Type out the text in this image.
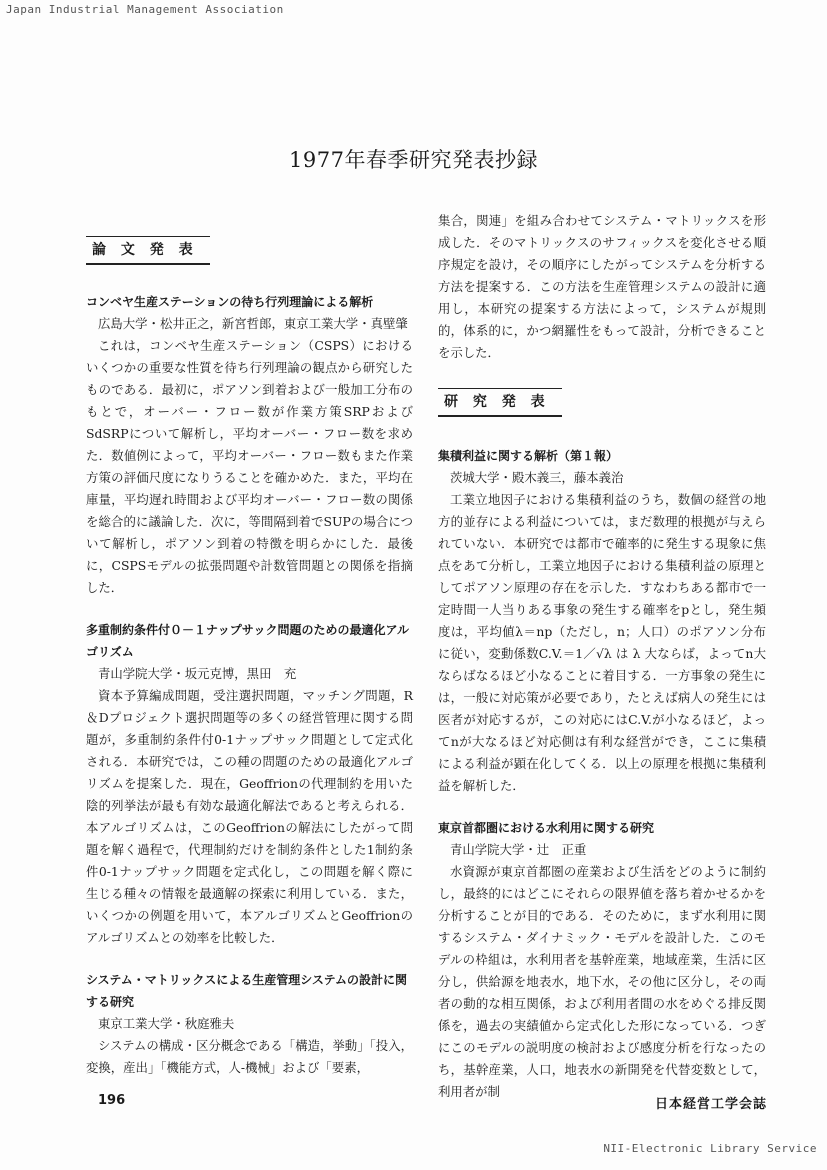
Japan Industrial Management Association
1977年春季研究発表抄録
論 文 発 表
コンベヤ生産ステーションの待ち行列理論による解析
広島大学・松井正之，新宮哲郎，東京工業大学・真壁肇
これは，コンベヤ生産ステーション（CSPS）におけるいくつかの重要な性質を待ち行列理論の観点から研究したものである．最初に，ポアソン到着および一般加工分布のもとで，オーバー・フロー数が作業方策SRPおよびSdSRPについて解析し，平均オーバー・フロー数を求めた．数値例によって，平均オーバー・フロー数もまた作業方策の評価尺度になりうることを確かめた．また，平均在庫量，平均遅れ時間および平均オーバー・フロー数の関係を総合的に議論した．次に，等間隔到着でSUPの場合について解析し，ポアソン到着の特徴を明らかにした．最後に，CSPSモデルの拡張問題や計数管問題との関係を指摘した．
多重制約条件付０－１ナップサック問題のための最適化アルゴリズム
青山学院大学・坂元克博，黒田　充
資本予算編成問題，受注選択問題，マッチング問題，R＆Dプロジェクト選択問題等の多くの経営管理に関する問題が，多重制約条件付0-1ナップサック問題として定式化される．本研究では，この種の問題のための最適化アルゴリズムを提案した．現在，Geoffrionの代理制約を用いた陰的列挙法が最も有効な最適化解法であると考えられる．本アルゴリズムは，このGeoffrionの解法にしたがって問題を解く過程で，代理制約だけを制約条件とした1制約条件0-1ナップサック問題を定式化し，この問題を解く際に生じる種々の情報を最適解の探索に利用している．また，いくつかの例題を用いて，本アルゴリズムとGeoffrionのアルゴリズムとの効率を比較した．
システム・マトリックスによる生産管理システムの設計に関する研究
東京工業大学・秋庭雅夫
システムの構成・区分概念である「構造，挙動」「投入，変換，産出」「機能方式，人-機械」および「要素，
集合，関連」を組み合わせてシステム・マトリックスを形成した．そのマトリックスのサフィックスを変化させる順序規定を設け，その順序にしたがってシステムを分析する方法を提案する．この方法を生産管理システムの設計に適用し，本研究の提案する方法によって，システムが規則的，体系的に，かつ網羅性をもって設計，分析できることを示した．
研 究 発 表
集積利益に関する解析（第１報）
茨城大学・殿木義三，藤本義治
工業立地因子における集積利益のうち，数個の経営の地方的並存による利益については，まだ数理的根拠が与えられていない．本研究では都市で確率的に発生する現象に焦点をあて分析し，工業立地因子における集積利益の原理としてポアソン原理の存在を示した．すなわちある都市で一定時間一人当りある事象の発生する確率をpとし，発生頻度は，平均値λ＝np（ただし，n；人口）のポアソン分布に従い，変動係数C.V.＝1／√λ は λ 大ならば，よってn大ならばなるほど小なることに着目する．一方事象の発生には，一般に対応策が必要であり，たとえば病人の発生には医者が対応するが，この対応にはC.V.が小なるほど，よってnが大なるほど対応側は有利な経営ができ，ここに集積による利益が顕在化してくる．以上の原理を根拠に集積利益を解析した．
東京首都圏における水利用に関する研究
青山学院大学・辻　正重
水資源が東京首都圏の産業および生活をどのように制約し，最終的にはどこにそれらの限界値を落ち着かせるかを分析することが目的である．そのために，まず水利用に関するシステム・ダイナミック・モデルを設計した．このモデルの枠組は，水利用者を基幹産業，地域産業，生活に区分し，供給源を地表水，地下水，その他に区分し，その両者の動的な相互関係，および利用者間の水をめぐる排反関係を，過去の実績値から定式化した形になっている．つぎにこのモデルの説明度の検討および感度分析を行なったのち，基幹産業，人口，地表水の新開発を代替変数として，利用者が制
196	日本経営工学会誌
NII-Electronic Library Service
